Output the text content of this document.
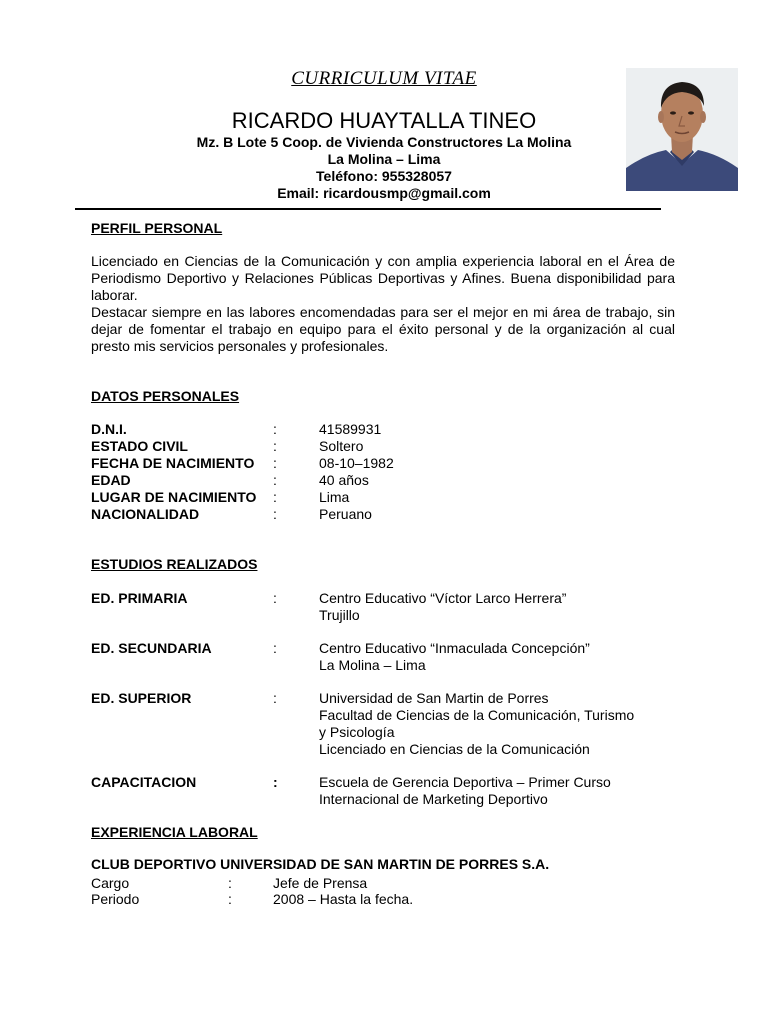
CURRICULUM VITAE
RICARDO HUAYTALLA TINEO
Mz. B Lote 5 Coop. de Vivienda Constructores La Molina
La Molina – Lima
Teléfono: 955328057
Email: ricardousmp@gmail.com
PERFIL PERSONAL
Licenciado en Ciencias de la Comunicación y con amplia experiencia laboral en el Área de Periodismo Deportivo y Relaciones Públicas Deportivas y Afines. Buena disponibilidad para laborar.
Destacar siempre en las labores encomendadas para ser el mejor en mi área de trabajo, sin dejar de fomentar el trabajo en equipo para el éxito personal y de la organización al cual presto mis servicios personales y profesionales.
DATOS PERSONALES
D.N.I.	:	41589931
ESTADO CIVIL	:	Soltero
FECHA DE NACIMIENTO :	08-10–1982
EDAD	:	40 años
LUGAR DE NACIMIENTO :	Lima
NACIONALIDAD	:	Peruano
ESTUDIOS REALIZADOS
ED. PRIMARIA	:	Centro Educativo “Víctor Larco Herrera”
Trujillo
ED. SECUNDARIA	:	Centro Educativo “Inmaculada Concepción”
La Molina – Lima
ED. SUPERIOR	:	Universidad de San Martin de Porres
Facultad de Ciencias de la Comunicación, Turismo
y Psicología
Licenciado en Ciencias de la Comunicación
CAPACITACION	:	Escuela de Gerencia Deportiva – Primer Curso
Internacional de Marketing Deportivo
EXPERIENCIA LABORAL
CLUB DEPORTIVO UNIVERSIDAD DE SAN MARTIN DE PORRES S.A.
Cargo	:	Jefe de Prensa
Periodo	:	2008 – Hasta la fecha.
